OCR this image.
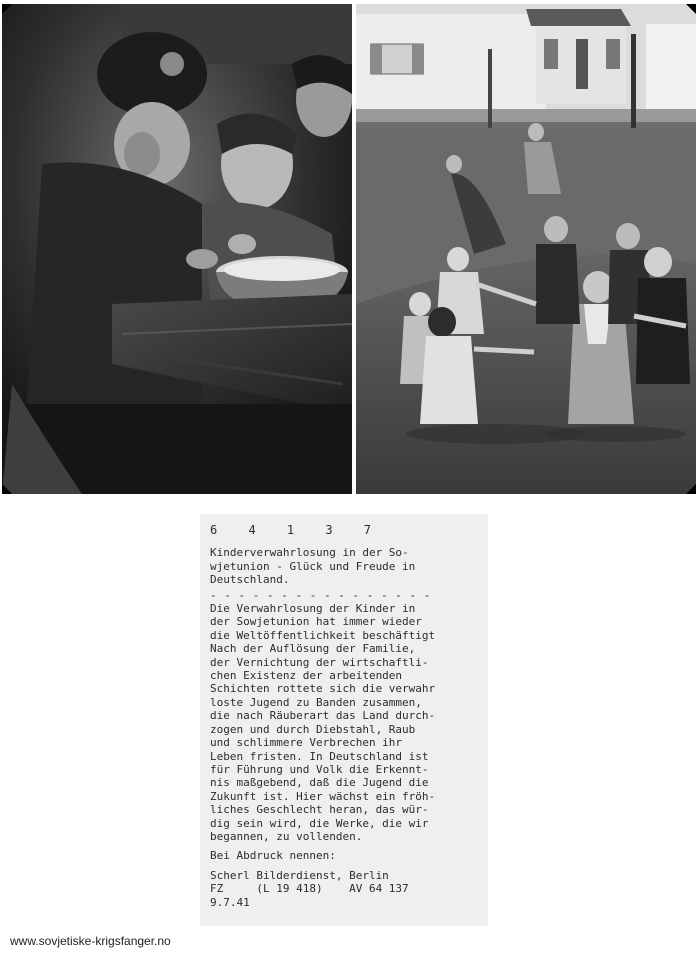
6 4 1 3 7
Kinderverwahrlosung in der So-
wjetunion - Glück und Freude in
Deutschland.
- - - - - - - - - - - - - - - -
Die Verwahrlosung der Kinder in
der Sowjetunion hat immer wieder
die Weltöffentlichkeit beschäftigt
Nach der Auflösung der Familie,
der Vernichtung der wirtschaftli-
chen Existenz der arbeitenden
Schichten rottete sich die verwahr
loste Jugend zu Banden zusammen,
die nach Räuberart das Land durch-
zogen und durch Diebstahl, Raub
und schlimmere Verbrechen ihr
Leben fristen. In Deutschland ist
für Führung und Volk die Erkennt-
nis maßgebend, daß die Jugend die
Zukunft ist. Hier wächst ein fröh-
liches Geschlecht heran, das wür-
dig sein wird, die Werke, die wir
begannen, zu vollenden.
Bei Abdruck nennen:
Scherl Bilderdienst, Berlin
FZ     (L 19 418)    AV 64 137
9.7.41
www.sovjetiske-krigsfanger.no
